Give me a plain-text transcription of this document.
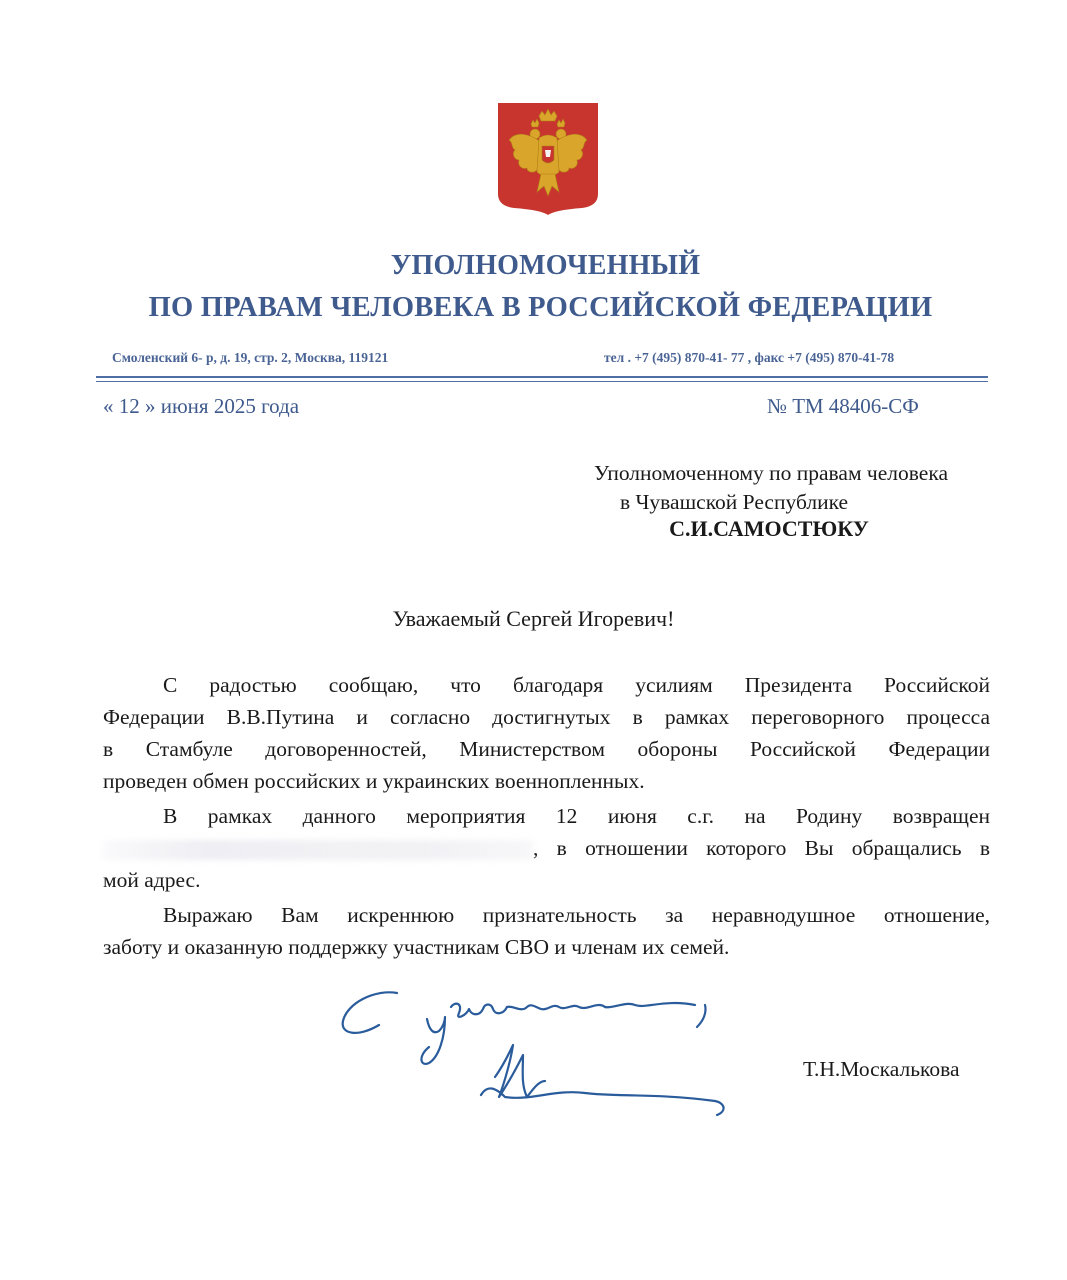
УПОЛНОМОЧЕННЫЙ
ПО ПРАВАМ ЧЕЛОВЕКА В РОССИЙСКОЙ ФЕДЕРАЦИИ
Смоленский 6- р, д. 19, стр. 2, Москва, 119121	тел . +7 (495) 870-41- 77 , факс +7 (495) 870-41-78
« 12 » июня 2025 года	№ ТМ 48406-СФ
Уполномоченному по правам человека
в Чувашской Республике
С.И.САМОСТЮКУ
Уважаемый Сергей Игоревич!
С радостью сообщаю, что благодаря усилиям Президента Российской
Федерации В.В.Путина и согласно достигнутых в рамках переговорного процесса
в Стамбуле договоренностей, Министерством обороны Российской Федерации
проведен обмен российских и украинских военнопленных.
В рамках данного мероприятия 12 июня с.г. на Родину возвращен
, в отношении которого Вы обращались в
мой адрес.
Выражаю Вам искреннюю признательность за неравнодушное отношение,
заботу и оказанную поддержку участникам СВО и членам их семей.
Т.Н.Москалькова
